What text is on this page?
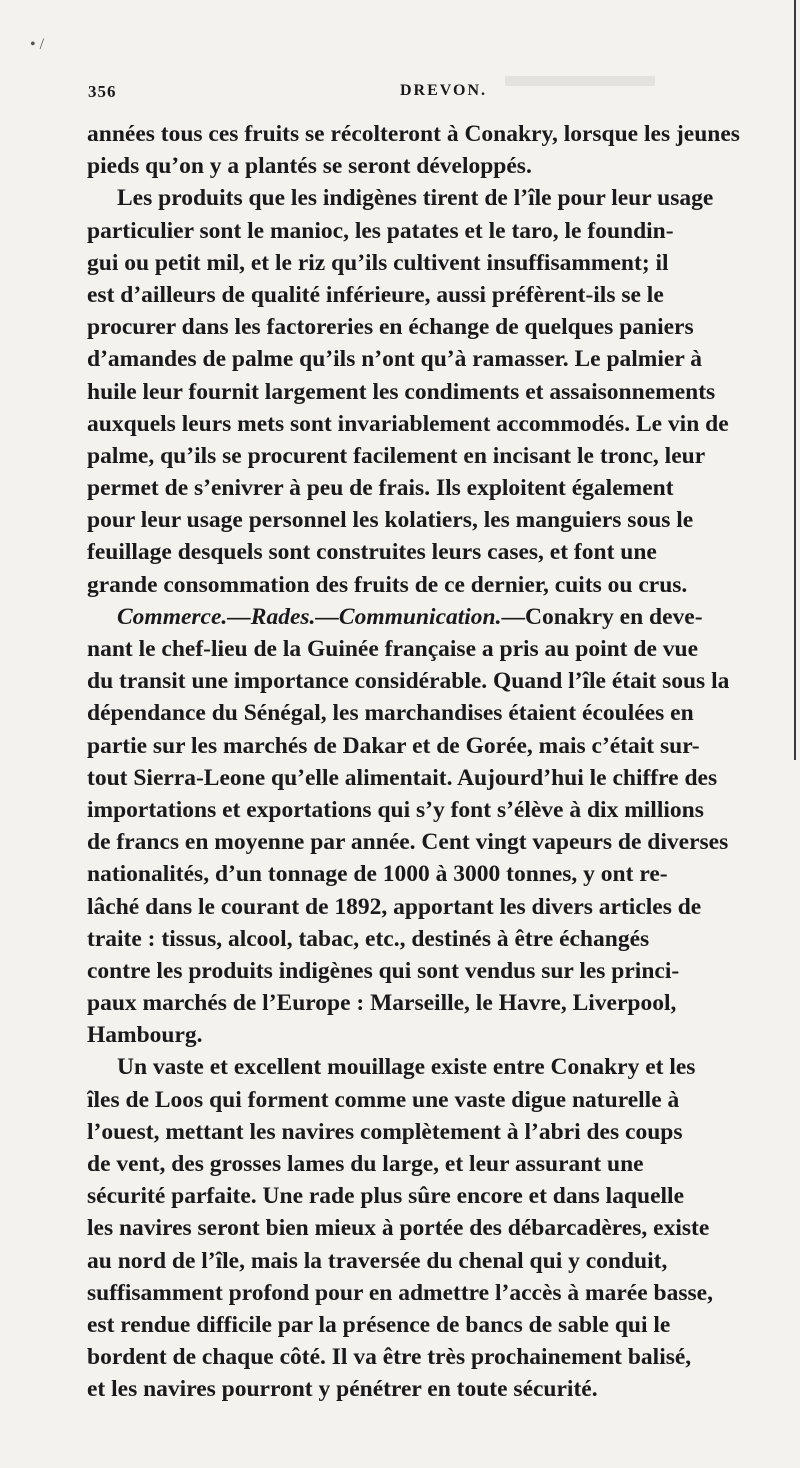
• /
356	DREVON.
années tous ces fruits se récolteront à Conakry, lorsque les jeunes
pieds qu’on y a plantés se seront développés.
Les produits que les indigènes tirent de l’île pour leur usage
particulier sont le manioc, les patates et le taro, le foundin-
gui ou petit mil, et le riz qu’ils cultivent insuffisamment; il
est d’ailleurs de qualité inférieure, aussi préfèrent-ils se le
procurer dans les factoreries en échange de quelques paniers
d’amandes de palme qu’ils n’ont qu’à ramasser. Le palmier à
huile leur fournit largement les condiments et assaisonnements
auxquels leurs mets sont invariablement accommodés. Le vin de
palme, qu’ils se procurent facilement en incisant le tronc, leur
permet de s’enivrer à peu de frais. Ils exploitent également
pour leur usage personnel les kolatiers, les manguiers sous le
feuillage desquels sont construites leurs cases, et font une
grande consommation des fruits de ce dernier, cuits ou crus.
Commerce.—Rades.—Communication.—Conakry en deve-
nant le chef-lieu de la Guinée française a pris au point de vue
du transit une importance considérable. Quand l’île était sous la
dépendance du Sénégal, les marchandises étaient écoulées en
partie sur les marchés de Dakar et de Gorée, mais c’était sur-
tout Sierra-Leone qu’elle alimentait. Aujourd’hui le chiffre des
importations et exportations qui s’y font s’élève à dix millions
de francs en moyenne par année. Cent vingt vapeurs de diverses
nationalités, d’un tonnage de 1000 à 3000 tonnes, y ont re-
lâché dans le courant de 1892, apportant les divers articles de
traite : tissus, alcool, tabac, etc., destinés à être échangés
contre les produits indigènes qui sont vendus sur les princi-
paux marchés de l’Europe : Marseille, le Havre, Liverpool,
Hambourg.
Un vaste et excellent mouillage existe entre Conakry et les
îles de Loos qui forment comme une vaste digue naturelle à
l’ouest, mettant les navires complètement à l’abri des coups
de vent, des grosses lames du large, et leur assurant une
sécurité parfaite. Une rade plus sûre encore et dans laquelle
les navires seront bien mieux à portée des débarcadères, existe
au nord de l’île, mais la traversée du chenal qui y conduit,
suffisamment profond pour en admettre l’accès à marée basse,
est rendue difficile par la présence de bancs de sable qui le
bordent de chaque côté. Il va être très prochainement balisé,
et les navires pourront y pénétrer en toute sécurité.
